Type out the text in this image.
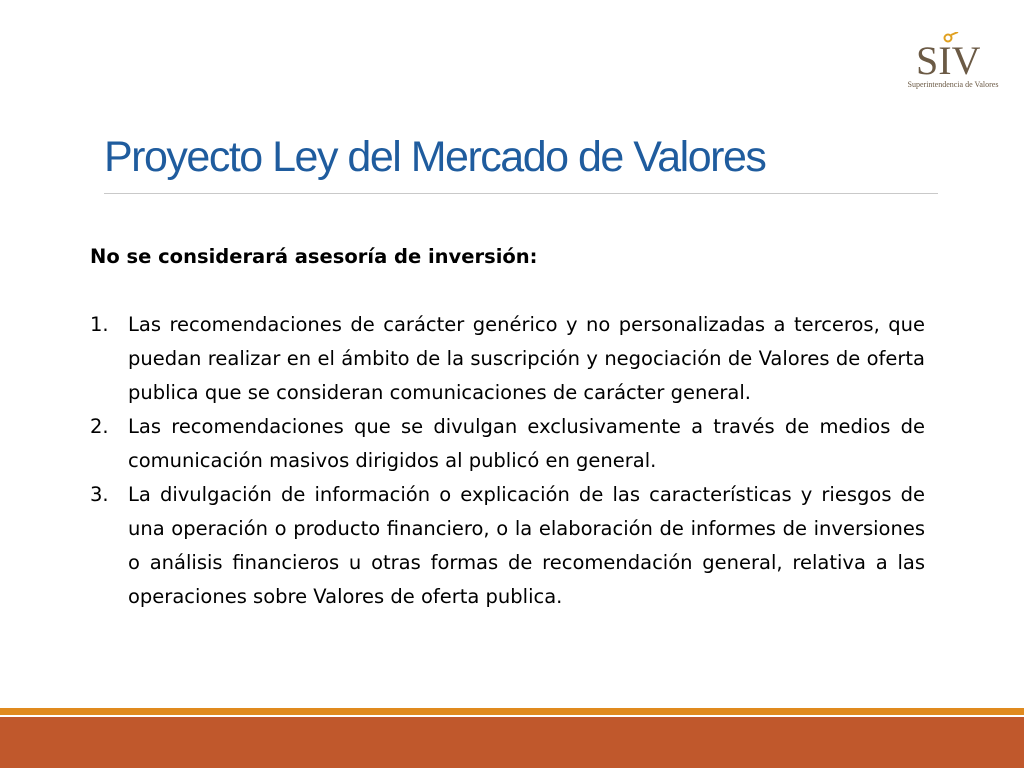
SIV
Superintendencia de Valores
Proyecto Ley del Mercado de Valores

No se considerará asesoría de inversión:

1. Las recomendaciones de carácter genérico y no personalizadas a terceros, que puedan realizar en el ámbito de la suscripción y negociación de Valores de oferta publica que se consideran comunicaciones de carácter general.
2. Las recomendaciones que se divulgan exclusivamente a través de medios de comunicación masivos dirigidos al publicó en general.
3. La divulgación de información o explicación de las características y riesgos de una operación o producto financiero, o la elaboración de informes de inversiones o análisis financieros u otras formas de recomendación general, relativa a las operaciones sobre Valores de oferta publica.
